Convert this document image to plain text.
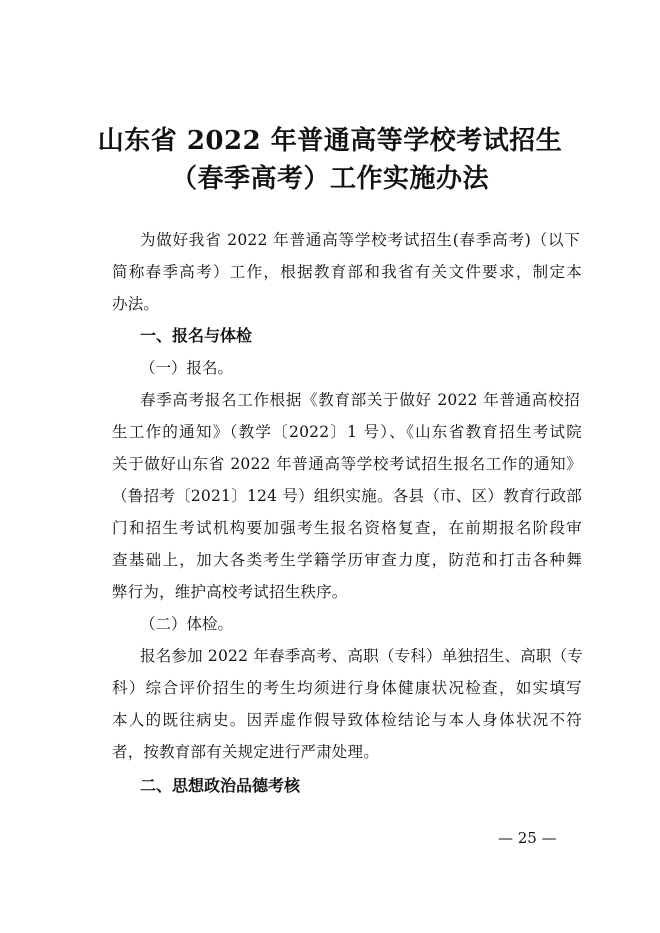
山东省 2022 年普通高等学校考试招生
（春季高考）工作实施办法
为做好我省 2022 年普通高等学校考试招生(春季高考)（以下
简称春季高考）工作，根据教育部和我省有关文件要求，制定本
办法。
一、报名与体检
（一）报名。
春季高考报名工作根据《教育部关于做好 2022 年普通高校招
生工作的通知》（教学〔2022〕1 号）、《山东省教育招生考试院
关于做好山东省 2022 年普通高等学校考试招生报名工作的通知》
（鲁招考〔2021〕124 号）组织实施。各县（市、区）教育行政部
门和招生考试机构要加强考生报名资格复查，在前期报名阶段审
查基础上，加大各类考生学籍学历审查力度，防范和打击各种舞
弊行为，维护高校考试招生秩序。
（二）体检。
报名参加 2022 年春季高考、高职（专科）单独招生、高职（专
科）综合评价招生的考生均须进行身体健康状况检查，如实填写
本人的既往病史。因弄虚作假导致体检结论与本人身体状况不符
者，按教育部有关规定进行严肃处理。
二、思想政治品德考核
— 25 —
